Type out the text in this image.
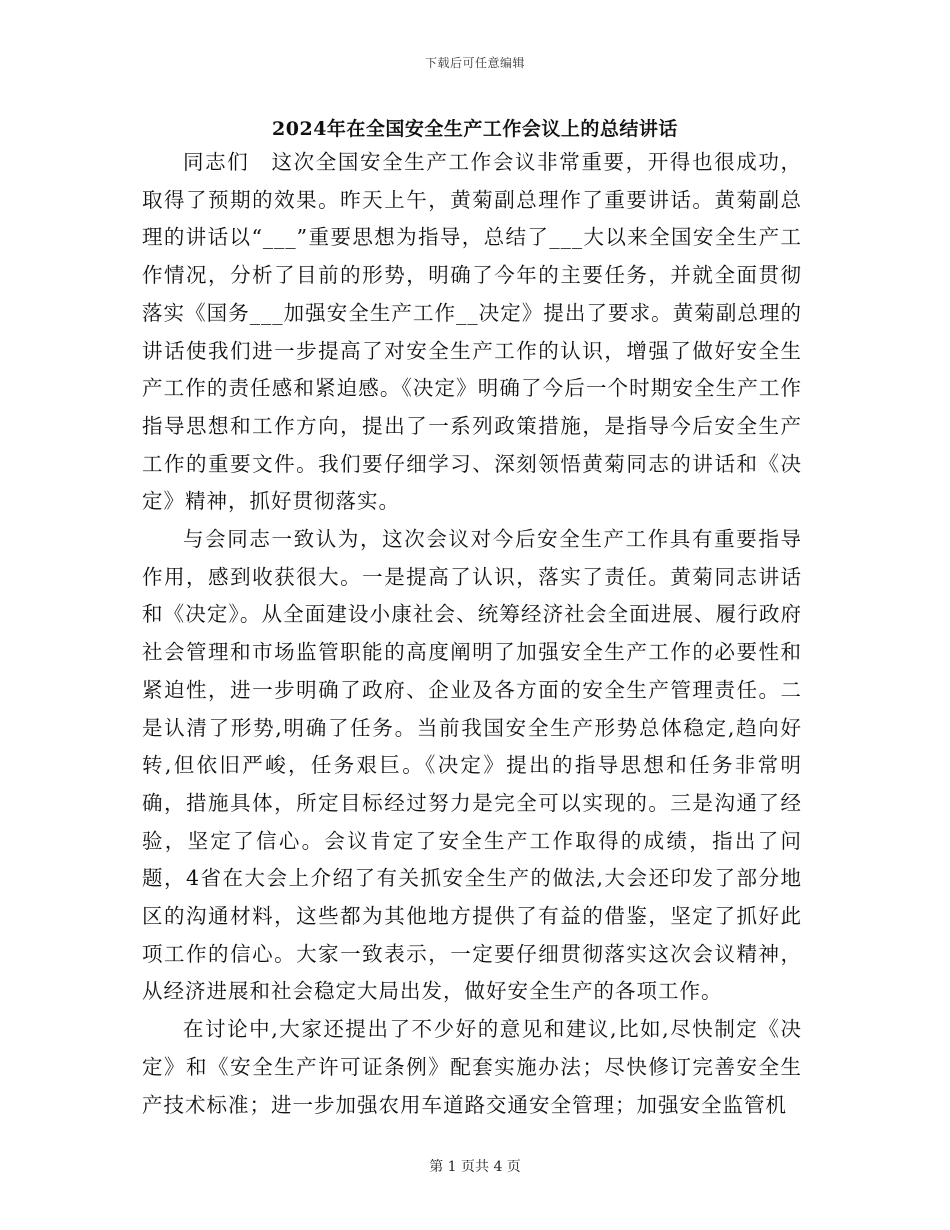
下载后可任意编辑
2024年在全国安全生产工作会议上的总结讲话

同志们　这次全国安全生产工作会议非常重要，开得也很成功，取得了预期的效果。昨天上午，黄菊副总理作了重要讲话。黄菊副总理的讲话以“___”重要思想为指导，总结了___大以来全国安全生产工作情况，分析了目前的形势，明确了今年的主要任务，并就全面贯彻落实《国务___加强安全生产工作__决定》提出了要求。黄菊副总理的讲话使我们进一步提高了对安全生产工作的认识，增强了做好安全生产工作的责任感和紧迫感。《决定》明确了今后一个时期安全生产工作指导思想和工作方向，提出了一系列政策措施，是指导今后安全生产工作的重要文件。我们要仔细学习、深刻领悟黄菊同志的讲话和《决定》精神，抓好贯彻落实。

与会同志一致认为，这次会议对今后安全生产工作具有重要指导作用，感到收获很大。一是提高了认识，落实了责任。黄菊同志讲话和《决定》。从全面建设小康社会、统筹经济社会全面进展、履行政府社会管理和市场监管职能的高度阐明了加强安全生产工作的必要性和紧迫性，进一步明确了政府、企业及各方面的安全生产管理责任。二是认清了形势,明确了任务。当前我国安全生产形势总体稳定,趋向好转,但依旧严峻，任务艰巨。《决定》提出的指导思想和任务非常明确，措施具体，所定目标经过努力是完全可以实现的。三是沟通了经验，坚定了信心。会议肯定了安全生产工作取得的成绩，指出了问题，4省在大会上介绍了有关抓安全生产的做法,大会还印发了部分地区的沟通材料，这些都为其他地方提供了有益的借鉴，坚定了抓好此项工作的信心。大家一致表示，一定要仔细贯彻落实这次会议精神，从经济进展和社会稳定大局出发，做好安全生产的各项工作。

在讨论中,大家还提出了不少好的意见和建议,比如,尽快制定《决定》和《安全生产许可证条例》配套实施办法；尽快修订完善安全生产技术标准；进一步加强农用车道路交通安全管理；加强安全监管机

第 1 页共 4 页
